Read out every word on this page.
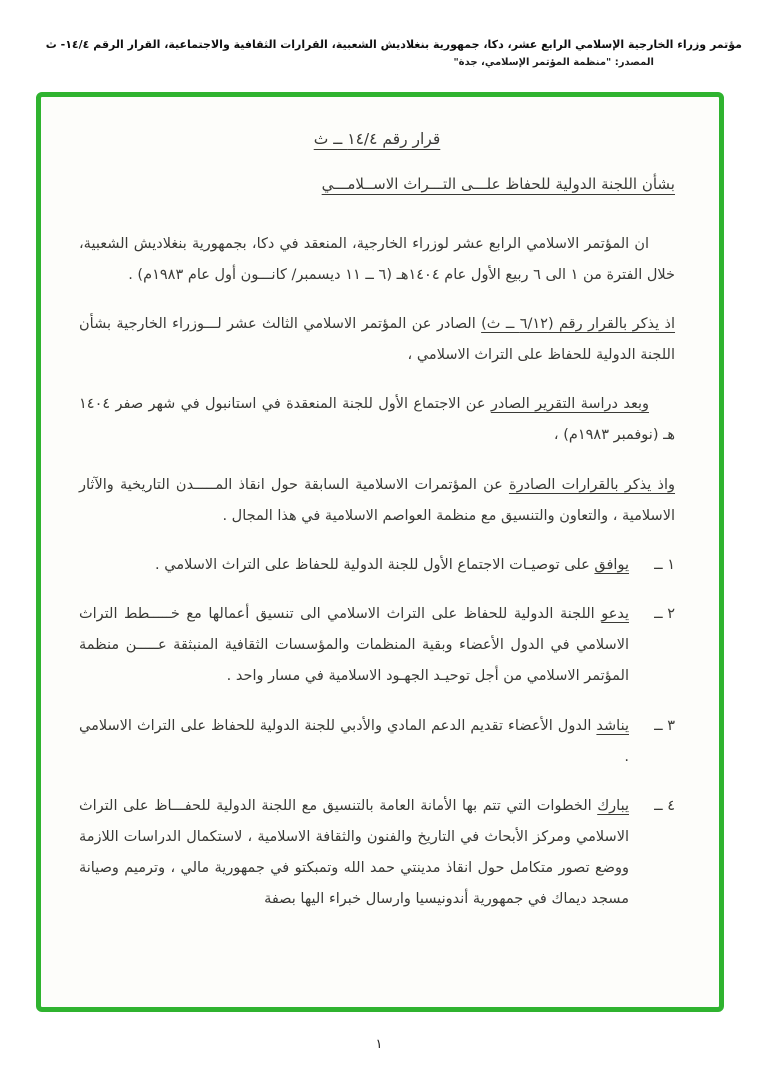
مؤتمر وزراء الخارجية الإسلامي الرابع عشر، دكا، جمهورية بنغلاديش الشعبية، القرارات الثقافية والاجتماعية، القرار الرقم ١٤/٤- ث
المصدر: "منظمة المؤتمر الإسلامي، جدة"
قرار رقم ١٤/٤ ــ ث
بشأن اللجنة الدولية للحفاظ علـــى التـــراث الاســلامـــي

ان المؤتمر الاسلامي الرابع عشر لوزراء الخارجية، المنعقد في دكا، بجمهورية بنغلاديش الشعبية، خلال الفترة من ١ الى ٦ ربيع الأول عام ١٤٠٤هـ (٦ ــ ١١ ديسمبر/ كانـــون أول عام ١٩٨٣م) .

اذ يذكر بالقرار رقم (٦/١٢ ــ ث) الصادر عن المؤتمر الاسلامي الثالث عشر لـــوزراء الخارجية بشأن اللجنة الدولية للحفاظ على التراث الاسلامي ،

وبعد دراسة التقرير الصادر عن الاجتماع الأول للجنة المنعقدة في استانبول في شهر صفر ١٤٠٤ هـ (نوفمبر ١٩٨٣م) ،

واذ يذكر بالقرارات الصادرة عن المؤتمرات الاسلامية السابقة حول انقاذ المـــــدن التاريخية والآثار الاسلامية ، والتعاون والتنسيق مع منظمة العواصم الاسلامية في هذا المجال .

١ ــ
يوافق على توصيـات الاجتماع الأول للجنة الدولية للحفاظ على التراث الاسلامي .
٢ ــ
يدعو اللجنة الدولية للحفاظ على التراث الاسلامي الى تنسيق أعمالها مع خـــــطط التراث الاسلامي في الدول الأعضاء وبقية المنظمات والمؤسسات الثقافية المنبثقة عـــــن منظمة المؤتمر الاسلامي من أجل توحيـد الجهـود الاسلامية في مسار واحد .
٣ ــ
يناشد الدول الأعضاء تقديم الدعم المادي والأدبي للجنة الدولية للحفاظ على التراث الاسلامي .
٤ ــ
يبارك الخطوات التي تتم بها الأمانة العامة بالتنسيق مع اللجنة الدولية للحفـــاظ على التراث الاسلامي ومركز الأبحاث في التاريخ والفنون والثقافة الاسلامية ، لاستكمال الدراسات اللازمة ووضع تصور متكامل حول انقاذ مدينتي حمد الله وتمبكتو في جمهورية مالي ، وترميم وصيانة مسجد ديماك في جمهورية أندونيسيا وارسال خبراء اليها بصفة
١
